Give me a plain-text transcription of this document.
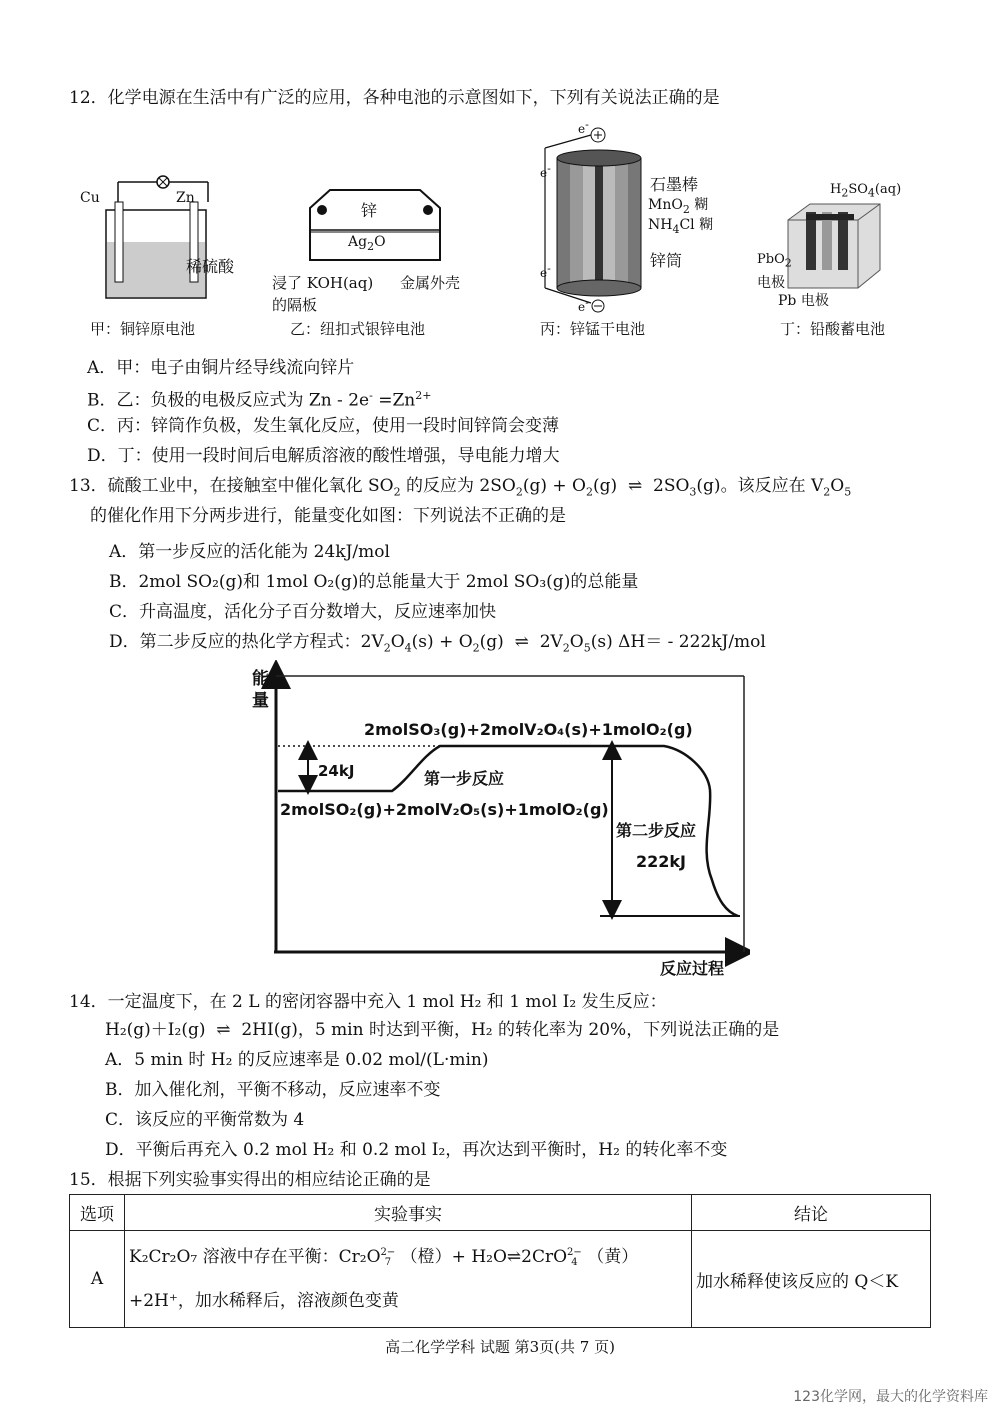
12．化学电源在生活中有广泛的应用，各种电池的示意图如下，下列有关说法正确的是
Cu	Zn
稀硫酸
甲：铜锌原电池
锌
$Ag_2O$
浸了 KOH(aq)
的隔板
金属外壳
乙：纽扣式银锌电池
e-
e-
e-
e-
石墨棒
MnO$_2$ 糊
$NH_4Cl$ 糊
锌筒
丙：锌锰干电池
$H_2SO_4(aq)$
PbO$_2$
电极
Pb 电极
丁：铅酸蓄电池
A．甲：电子由铜片经导线流向锌片
B．乙：负极的电极反应式为 $Zn - 2e^- =Zn^{2+}$
C．丙：锌筒作负极，发生氧化反应，使用一段时间锌筒会变薄
D．丁：使用一段时间后电解质溶液的酸性增强，导电能力增大
13．硫酸工业中，在接触室中催化氧化 $SO_2$ 的反应为 $2SO_2(g) + O_2(g)$ ⇌ $2SO_3(g)$。该反应在 $V_2O_5$
的催化作用下分两步进行，能量变化如图：下列说法不正确的是
A．第一步反应的活化能为 24kJ/mol
B．2mol SO₂(g)和 1mol O₂(g)的总能量大于 2mol SO₃(g)的总能量
C．升高温度，活化分子百分数增大，反应速率加快
D．第二步反应的热化学方程式：$2V_2O_4(s) + O_2(g)$ ⇌ $2V_2O_5(s)$ ΔH＝ - 222kJ/mol
能
量
2molSO₃(g)+2molV₂O₄(s)+1molO₂(g)
24kJ	第一步反应
2molSO₂(g)+2molV₂O₅(s)+1molO₂(g)
第二步反应
222kJ
反应过程
14．一定温度下，在 2 L 的密闭容器中充入 1 mol H₂ 和 1 mol I₂ 发生反应：
H₂(g)＋I₂(g) ⇌ 2HI(g)，5 min 时达到平衡，H₂ 的转化率为 20%，下列说法正确的是
A．5 min 时 H₂ 的反应速率是 0.02 mol/(L·min)
B．加入催化剂，平衡不移动，反应速率不变
C．该反应的平衡常数为 4
D．平衡后再充入 0.2 mol H₂ 和 0.2 mol I₂，再次达到平衡时，H₂ 的转化率不变
15．根据下列实验事实得出的相应结论正确的是
选项	实验事实	结论
A	K₂Cr₂O₇ 溶液中存在平衡：Cr₂O2−
7 （橙）+ H₂O⇌2CrO2−
4 （黄）
+2H⁺，加水稀释后，溶液颜色变黄	加水稀释使该反应的 Q＜K
高二化学学科 试题 第3页(共 7 页)
123化学网，最大的化学资料库
